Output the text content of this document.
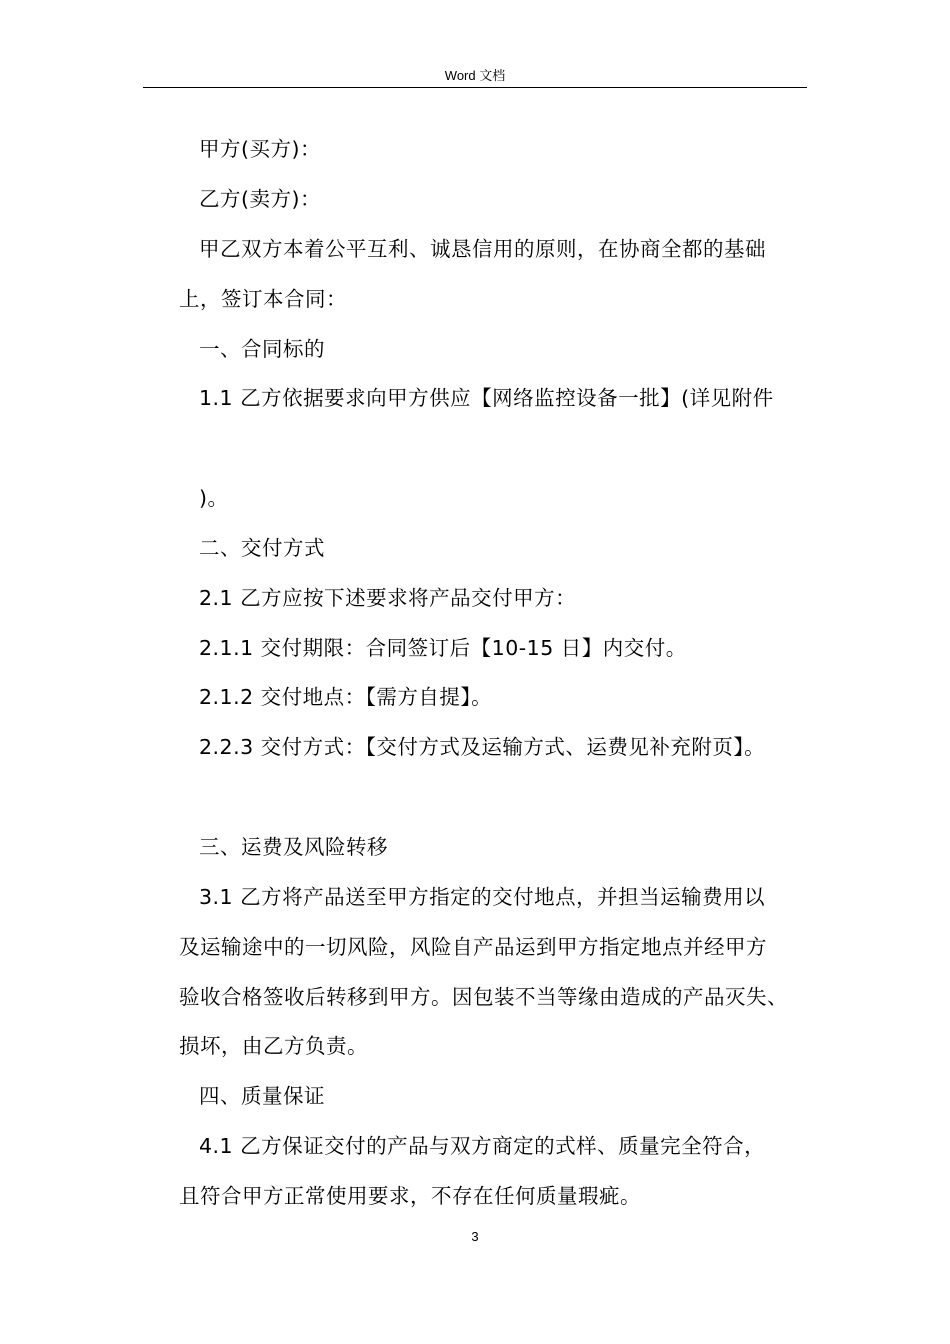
Word 文档
甲方(买方)：
乙方(卖方)：
甲乙双方本着公平互利、诚恳信用的原则，在协商全都的基础
上，签订本合同：
一、合同标的
1.1 乙方依据要求向甲方供应【网络监控设备一批】(详见附件
)。
二、交付方式
2.1 乙方应按下述要求将产品交付甲方：
2.1.1 交付期限：合同签订后【10-15 日】内交付。
2.1.2 交付地点：【需方自提】。
2.2.3 交付方式：【交付方式及运输方式、运费见补充附页】。
三、运费及风险转移
3.1 乙方将产品送至甲方指定的交付地点，并担当运输费用以
及运输途中的一切风险，风险自产品运到甲方指定地点并经甲方
验收合格签收后转移到甲方。因包装不当等缘由造成的产品灭失、
损坏，由乙方负责。
四、质量保证
4.1 乙方保证交付的产品与双方商定的式样、质量完全符合，
且符合甲方正常使用要求，不存在任何质量瑕疵。
3
